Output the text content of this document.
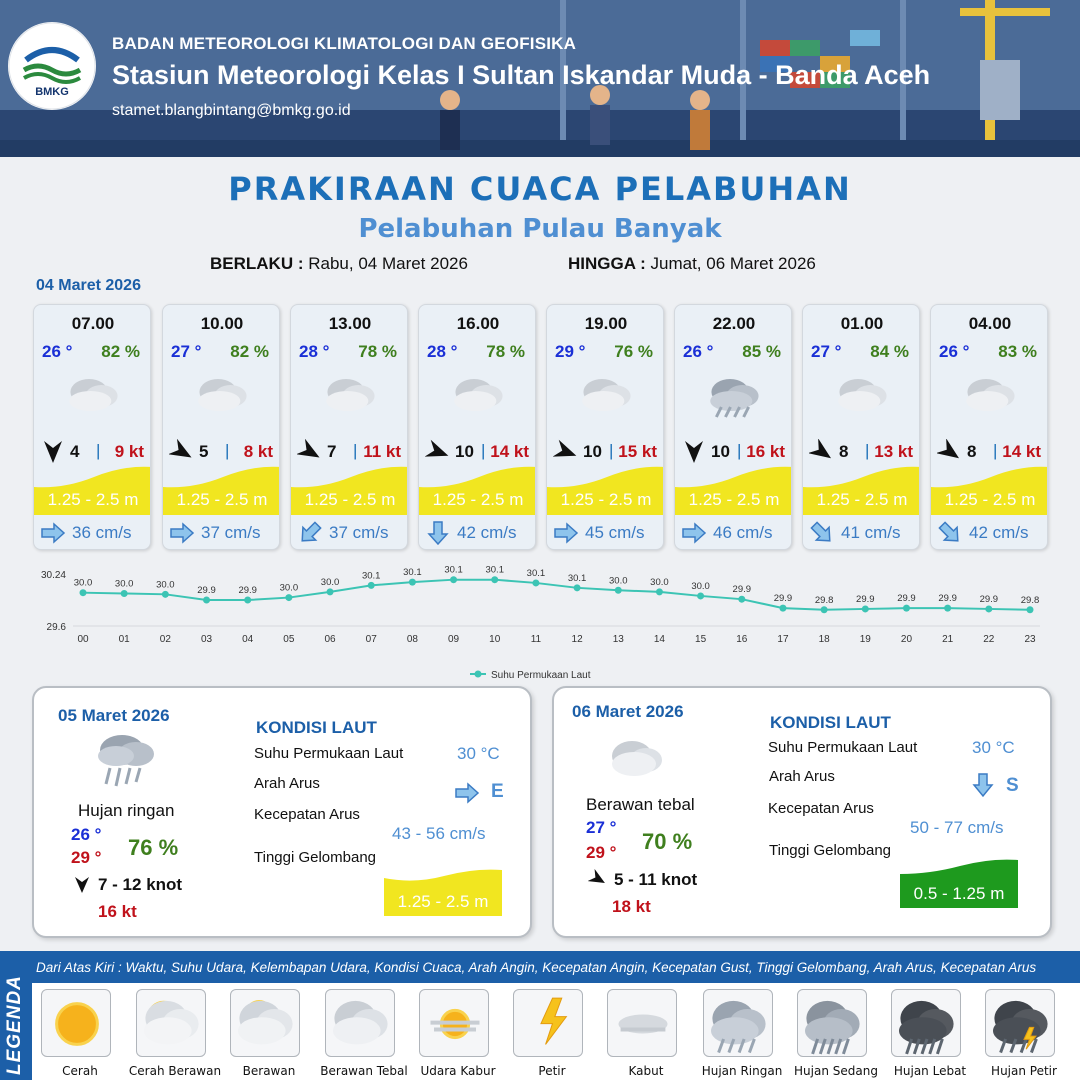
BMKG
BADAN METEOROLOGI KLIMATOLOGI DAN GEOFISIKA
Stasiun Meteorologi Kelas I Sultan Iskandar Muda - Banda Aceh
stamet.blangbintang@bmkg.go.id
PRAKIRAAN CUACA PELABUHAN
Pelabuhan Pulau Banyak
BERLAKU : Rabu, 04 Maret 2026	HINGGA : Jumat, 06 Maret 2026
04 Maret 2026
07.00
26 ° 82 %
4 | 9 kt
1.25 - 2.5 m
36 cm/s
10.00
27 ° 82 %
5 | 8 kt
1.25 - 2.5 m
37 cm/s
13.00
28 ° 78 %
7 | 11 kt
1.25 - 2.5 m
37 cm/s
16.00
28 ° 78 %
10 | 14 kt
1.25 - 2.5 m
42 cm/s
19.00
29 ° 76 %
10 | 15 kt
1.25 - 2.5 m
45 cm/s
22.00
26 ° 85 %
10 | 16 kt
1.25 - 2.5 m
46 cm/s
01.00
27 ° 84 %
8 | 13 kt
1.25 - 2.5 m
41 cm/s
04.00
26 ° 83 %
8 | 14 kt
1.25 - 2.5 m
42 cm/s
30.24
29.6
30.0
00
30.0
01
30.0
02
29.9
03
29.9
04
30.0
05
30.0
06
30.1
07
30.1
08
30.1
09
30.1
10
30.1
11
30.1
12
30.0
13
30.0
14
30.0
15
29.9
16
29.9
17
29.8
18
29.9
19
29.9
20
29.9
21
29.9
22
29.8
23
Suhu Permukaan Laut
05 Maret 2026
Hujan ringan
26 °
29 ° 76 %
7 - 12 knot
16 kt
KONDISI LAUT
Suhu Permukaan Laut	30 °C
Arah Arus	E
Kecepatan Arus
43 - 56 cm/s
Tinggi Gelombang
1.25 - 2.5 m
06 Maret 2026
Berawan tebal
27 °
29 ° 70 %
5 - 11 knot
18 kt
KONDISI LAUT
Suhu Permukaan Laut	30 °C
Arah Arus	S
Kecepatan Arus
50 - 77 cm/s
Tinggi Gelombang
0.5 - 1.25 m
LEGENDA
Dari Atas Kiri : Waktu, Suhu Udara, Kelembapan Udara, Kondisi Cuaca, Arah Angin, Kecepatan Angin, Kecepatan Gust, Tinggi Gelombang, Arah Arus, Kecepatan Arus
Cerah	Cerah Berawan	Berawan	Berawan Tebal	Udara Kabur	Petir	Kabut	Hujan Ringan Hujan Sedang	Hujan Lebat	Hujan Petir
